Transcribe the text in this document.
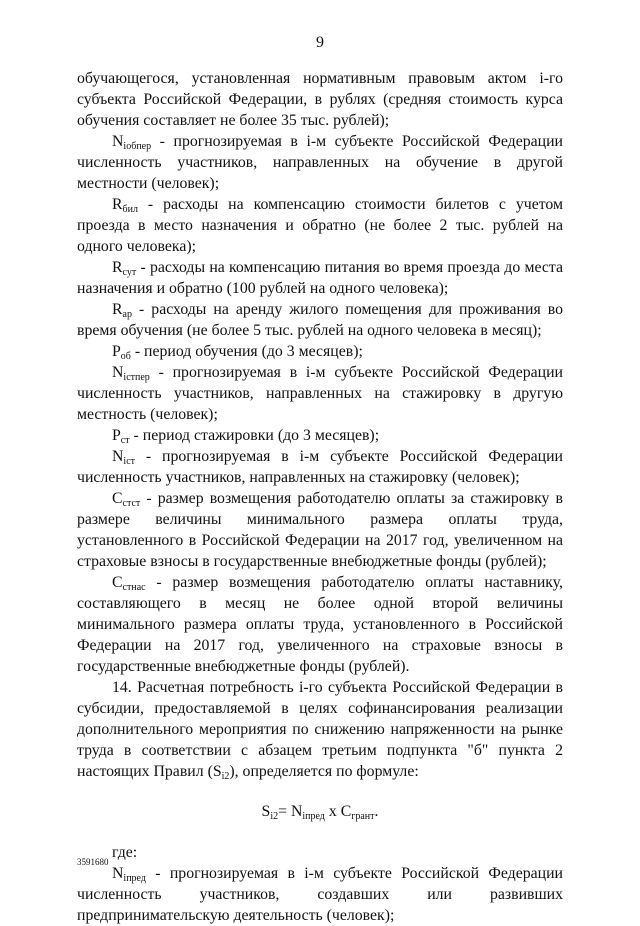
9

обучающегося, установленная нормативным правовым актом i-го субъекта Российской Федерации, в рублях (средняя стоимость курса обучения составляет не более 35 тыс. рублей);

$N_{iобпер}$ - прогнозируемая в i-м субъекте Российской Федерации численность участников, направленных на обучение в другой местности (человек);

$R_{бил}$ - расходы на компенсацию стоимости билетов с учетом проезда в место назначения и обратно (не более 2 тыс. рублей на одного человека);

$R_{сут}$ - расходы на компенсацию питания во время проезда до места назначения и обратно (100 рублей на одного человека);

$R_{ар}$ - расходы на аренду жилого помещения для проживания во время обучения (не более 5 тыс. рублей на одного человека в месяц);

$P_{об}$ - период обучения (до 3 месяцев);

$N_{iстпер}$ - прогнозируемая в i-м субъекте Российской Федерации численность участников, направленных на стажировку в другую местность (человек);

$P_{ст}$ - период стажировки (до 3 месяцев);

$N_{iст}$ - прогнозируемая в i-м субъекте Российской Федерации численность участников, направленных на стажировку (человек);

$C_{стст}$ - размер возмещения работодателю оплаты за стажировку в размере величины минимального размера оплаты труда, установленного в Российской Федерации на 2017 год, увеличенном на страховые взносы в государственные внебюджетные фонды (рублей);

$C_{стнас}$ - размер возмещения работодателю оплаты наставнику, составляющего в месяц не более одной второй величины минимального размера оплаты труда, установленного в Российской Федерации на 2017 год, увеличенного на страховые взносы в государственные внебюджетные фонды (рублей).

14. Расчетная потребность i-го субъекта Российской Федерации в субсидии, предоставляемой в целях софинансирования реализации дополнительного мероприятия по снижению напряженности на рынке труда в соответствии с абзацем третьим подпункта "б" пункта 2 настоящих Правил $(S_{i2})$, определяется по формуле:

$S_{i2}= N_{iпред}$ x $C_{грант}$.

где:

$N_{iпред}$ - прогнозируемая в i-м субъекте Российской Федерации численность участников, создавших или развивших предпринимательскую деятельность (человек);

3591680
